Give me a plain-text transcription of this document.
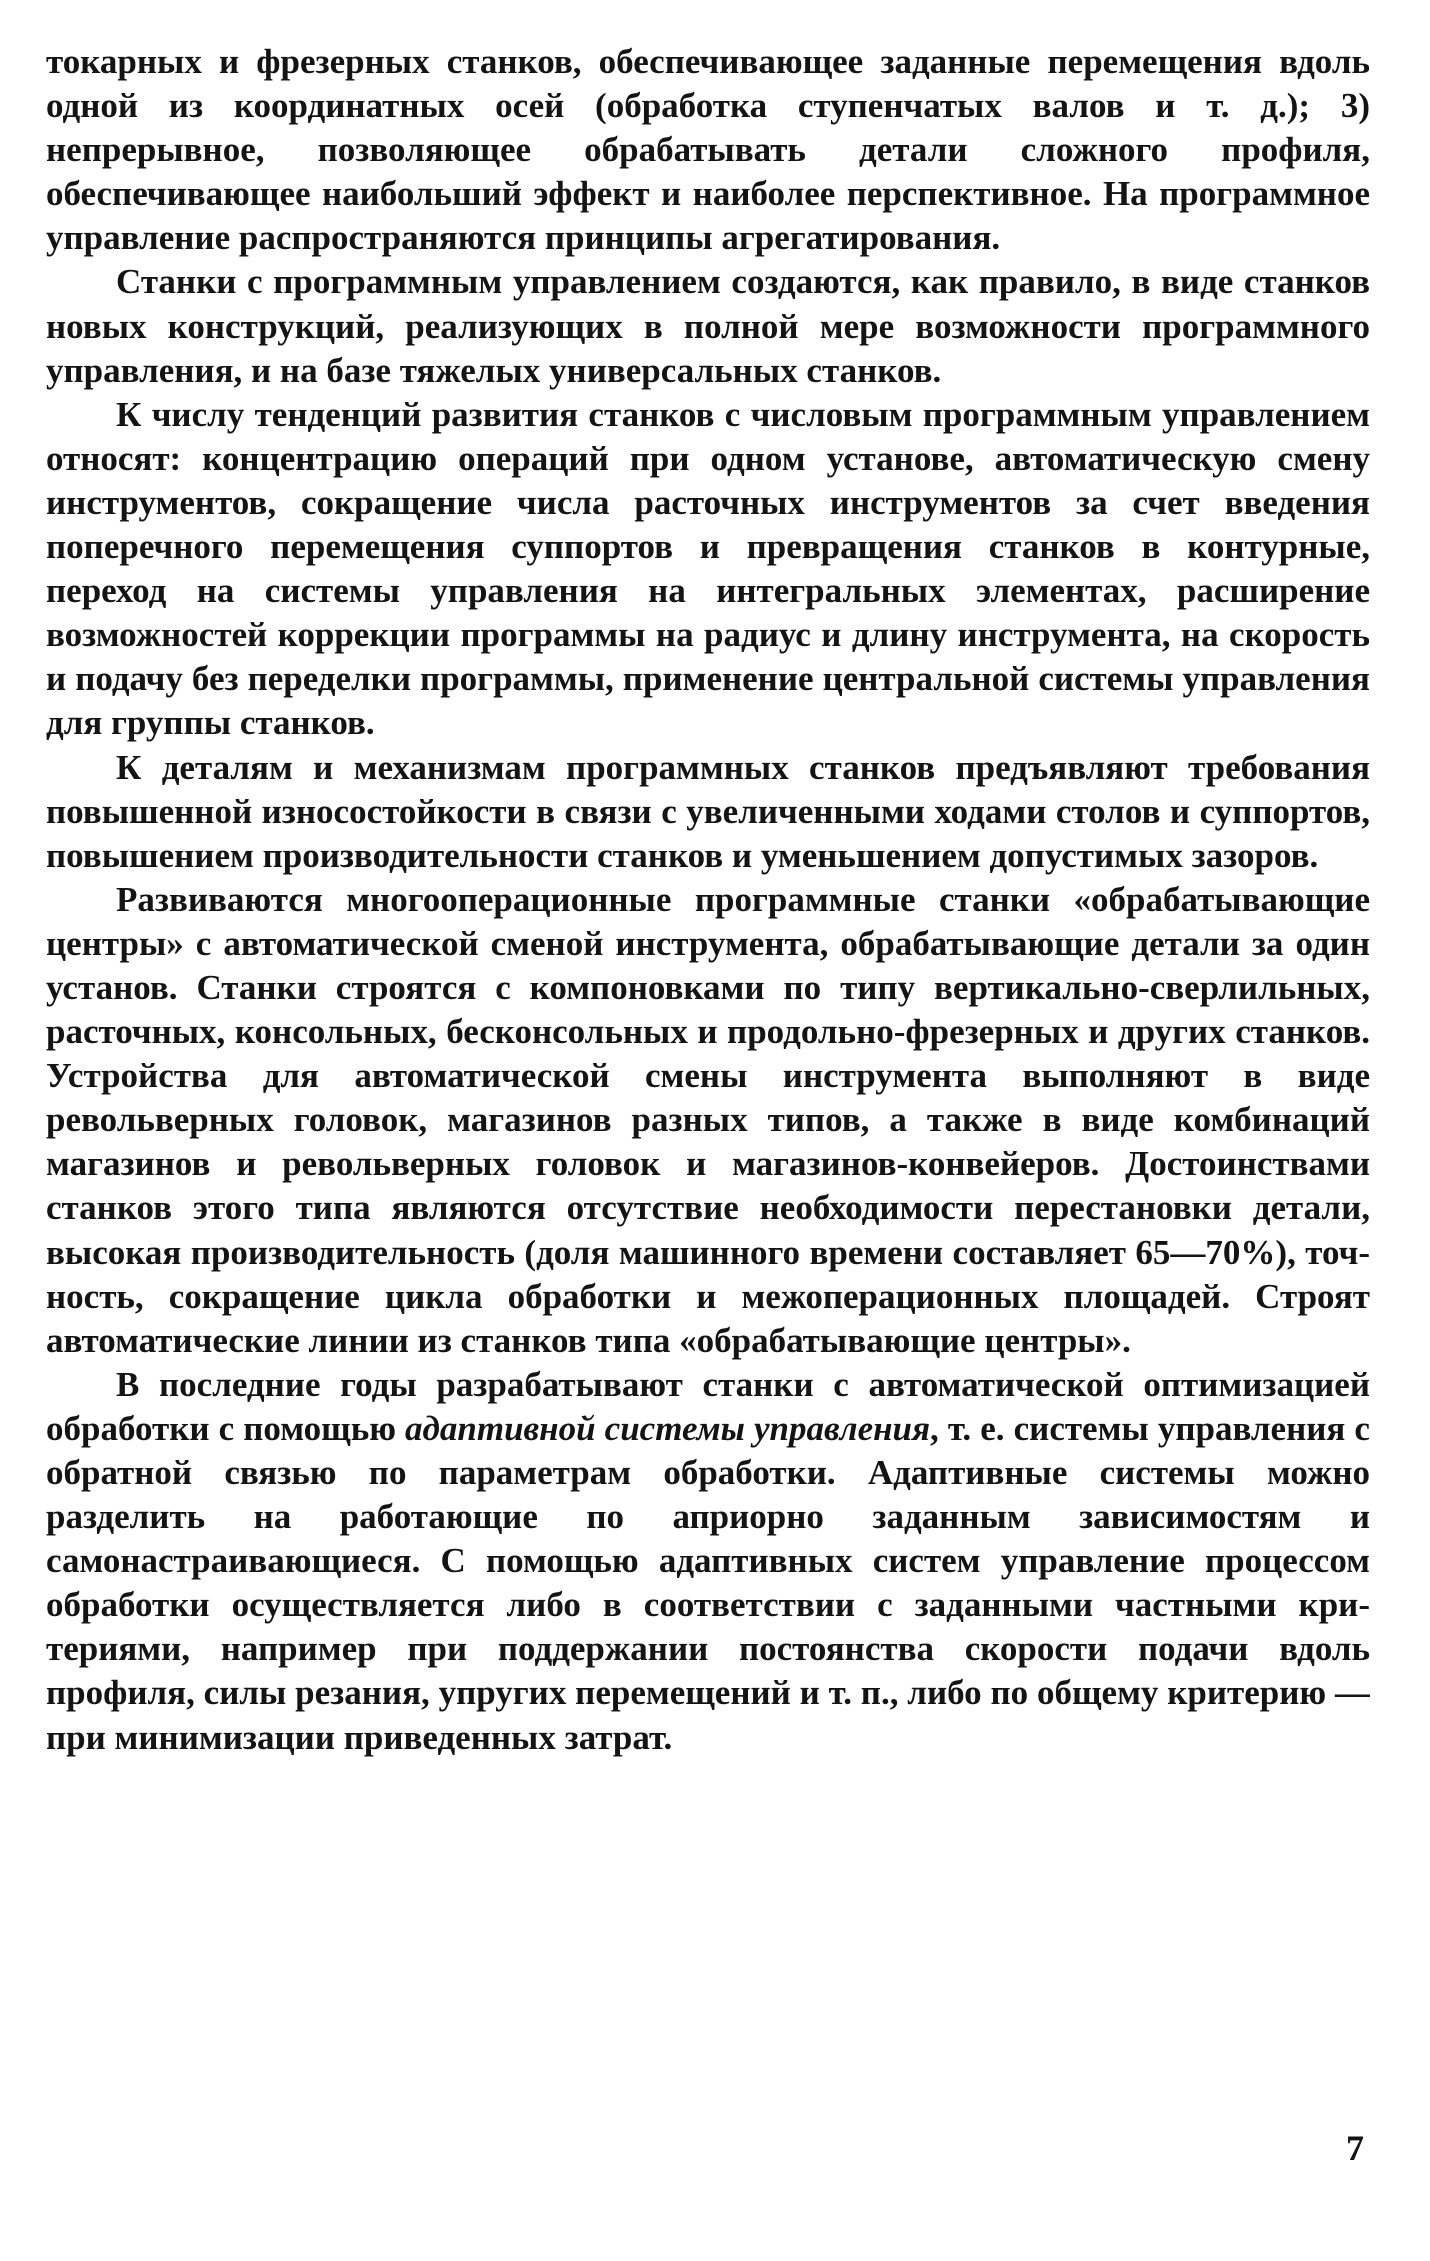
токарных и фрезерных станков, обеспечивающее заданные перемещения вдоль одной из координатных осей (обработка ступенчатых валов и т. д.); 3) непрерывное, позволяющее обрабатывать детали сложного профиля, обеспечивающее наибольший эффект и наиболее перспективное. На программное управление распространяются принципы агрегатирования.

Станки с программным управлением создаются, как правило, в виде станков новых конструкций, реализующих в полной мере возможности программного управления, и на базе тяжелых универсальных станков.

К числу тенденций развития станков с числовым программным управлением относят: концентрацию операций при одном установе, автоматическую смену инструментов, сокращение числа расточных инструментов за счет введения поперечного перемещения суппортов и превращения станков в контурные, переход на системы управления на интегральных элементах, расширение возможностей коррекции программы на радиус и длину инструмента, на скорость и подачу без переделки программы, применение центральной системы управления для группы станков.

К деталям и механизмам программных станков предъявляют требования повышенной износостойкости в связи с увеличенными ходами столов и суппортов, повышением производительности станков и уменьшением допустимых зазоров.

Развиваются многооперационные программные станки «обрабатывающие центры» с автоматической сменой инструмента, обрабатывающие детали за один установ. Станки строятся с компоновками по типу вертикально-сверлильных, расточных, консольных, бесконсольных и продольно-фрезерных и других станков. Устройства для автоматической смены инструмента выполняют в виде револьверных головок, магазинов разных типов, а также в виде комбинаций магазинов и револьверных головок и магазинов-конвейеров. Достоинствами станков этого типа являются отсутствие необходимости перестановки детали, высокая производительность (доля машинного времени составляет 65—70%), точность, сокращение цикла обработки и межоперационных площадей. Строят автоматические линии из станков типа «обрабатывающие центры».

В последние годы разрабатывают станки с автоматической оптимизацией обработки с помощью адаптивной системы управления, т. е. системы управления с обратной связью по параметрам обработки. Адаптивные системы можно разделить на работающие по априорно заданным зависимостям и самонастраивающиеся. С помощью адаптивных систем управление процессом обработки осуществляется либо в соответствии с заданными частными критериями, например при поддержании постоянства скорости подачи вдоль профиля, силы резания, упругих перемещений и т. п., либо по общему критерию — при минимизации приведенных затрат.

7
